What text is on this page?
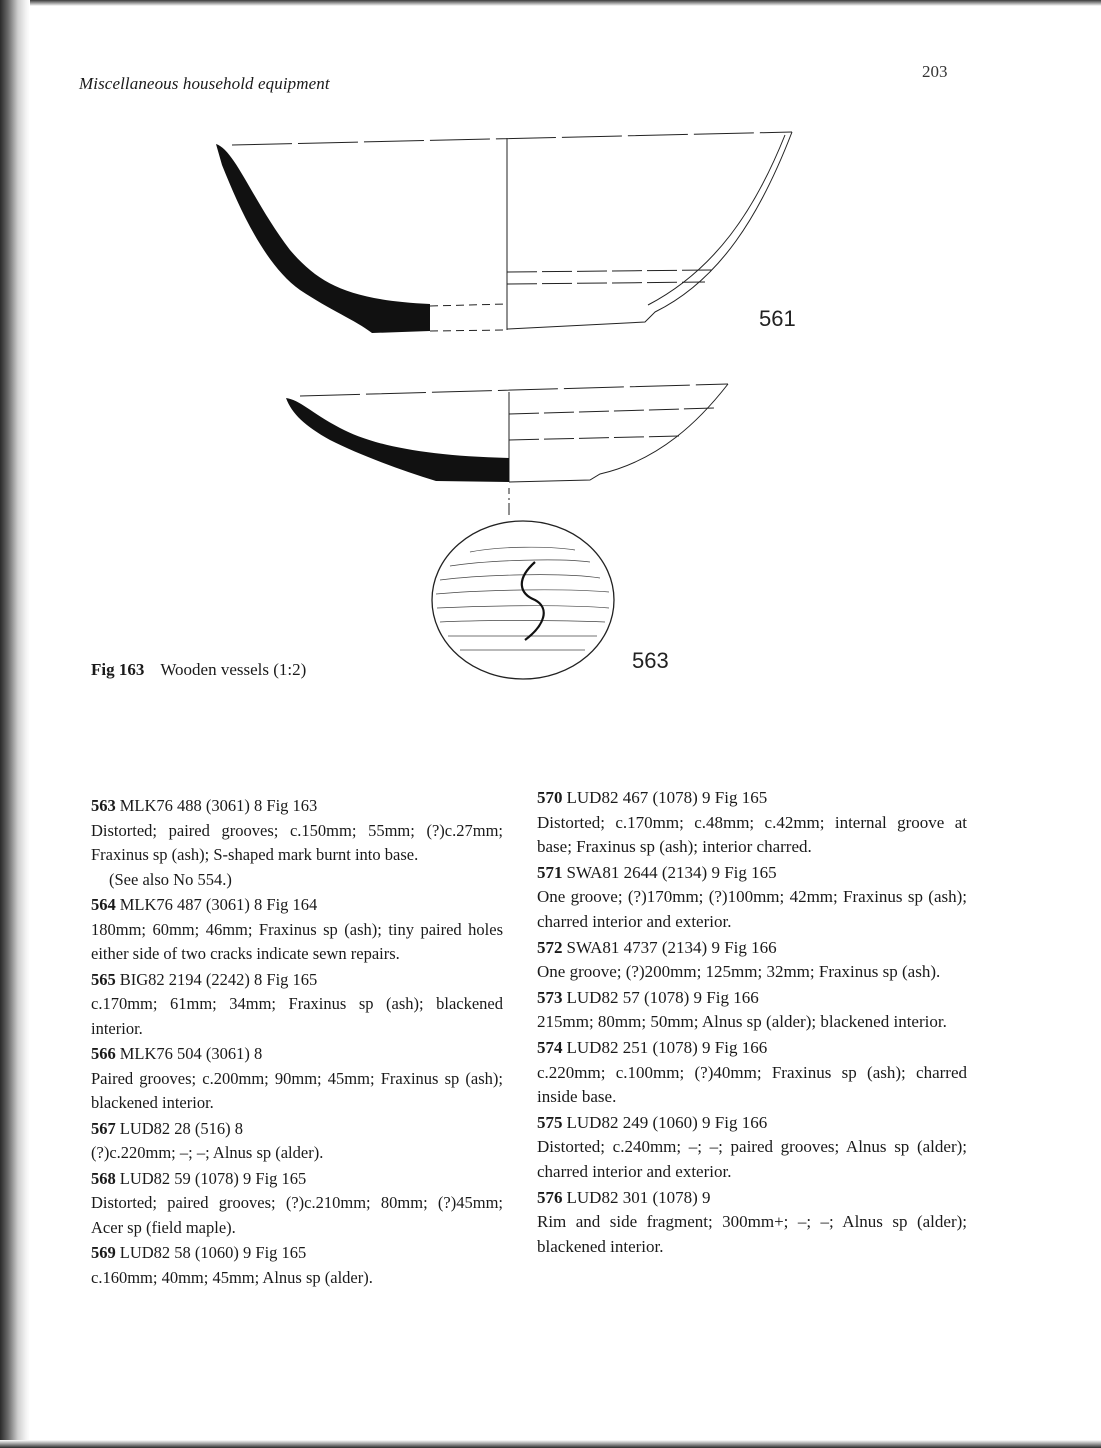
Miscellaneous household equipment
203
561
563
Fig 163 Wooden vessels (1:2)
563 MLK76 488 (3061) 8 Fig 163
Distorted; paired grooves; c.150mm; 55mm; (?)c.27mm; Fraxinus sp (ash); S-shaped mark burnt into base.
(See also No 554.)
564 MLK76 487 (3061) 8 Fig 164
180mm; 60mm; 46mm; Fraxinus sp (ash); tiny paired holes either side of two cracks indicate sewn repairs.
565 BIG82 2194 (2242) 8 Fig 165
c.170mm; 61mm; 34mm; Fraxinus sp (ash); blackened interior.
566 MLK76 504 (3061) 8
Paired grooves; c.200mm; 90mm; 45mm; Fraxinus sp (ash); blackened interior.
567 LUD82 28 (516) 8
(?)c.220mm; –; –; Alnus sp (alder).
568 LUD82 59 (1078) 9 Fig 165
Distorted; paired grooves; (?)c.210mm; 80mm; (?)45mm; Acer sp (field maple).
569 LUD82 58 (1060) 9 Fig 165
c.160mm; 40mm; 45mm; Alnus sp (alder).
570 LUD82 467 (1078) 9 Fig 165
Distorted; c.170mm; c.48mm; c.42mm; internal groove at base; Fraxinus sp (ash); interior charred.
571 SWA81 2644 (2134) 9 Fig 165
One groove; (?)170mm; (?)100mm; 42mm; Fraxinus sp (ash); charred interior and exterior.
572 SWA81 4737 (2134) 9 Fig 166
One groove; (?)200mm; 125mm; 32mm; Fraxinus sp (ash).
573 LUD82 57 (1078) 9 Fig 166
215mm; 80mm; 50mm; Alnus sp (alder); blackened interior.
574 LUD82 251 (1078) 9 Fig 166
c.220mm; c.100mm; (?)40mm; Fraxinus sp (ash); charred inside base.
575 LUD82 249 (1060) 9 Fig 166
Distorted; c.240mm; –; –; paired grooves; Alnus sp (alder); charred interior and exterior.
576 LUD82 301 (1078) 9
Rim and side fragment; 300mm+; –; –; Alnus sp (alder); blackened interior.
